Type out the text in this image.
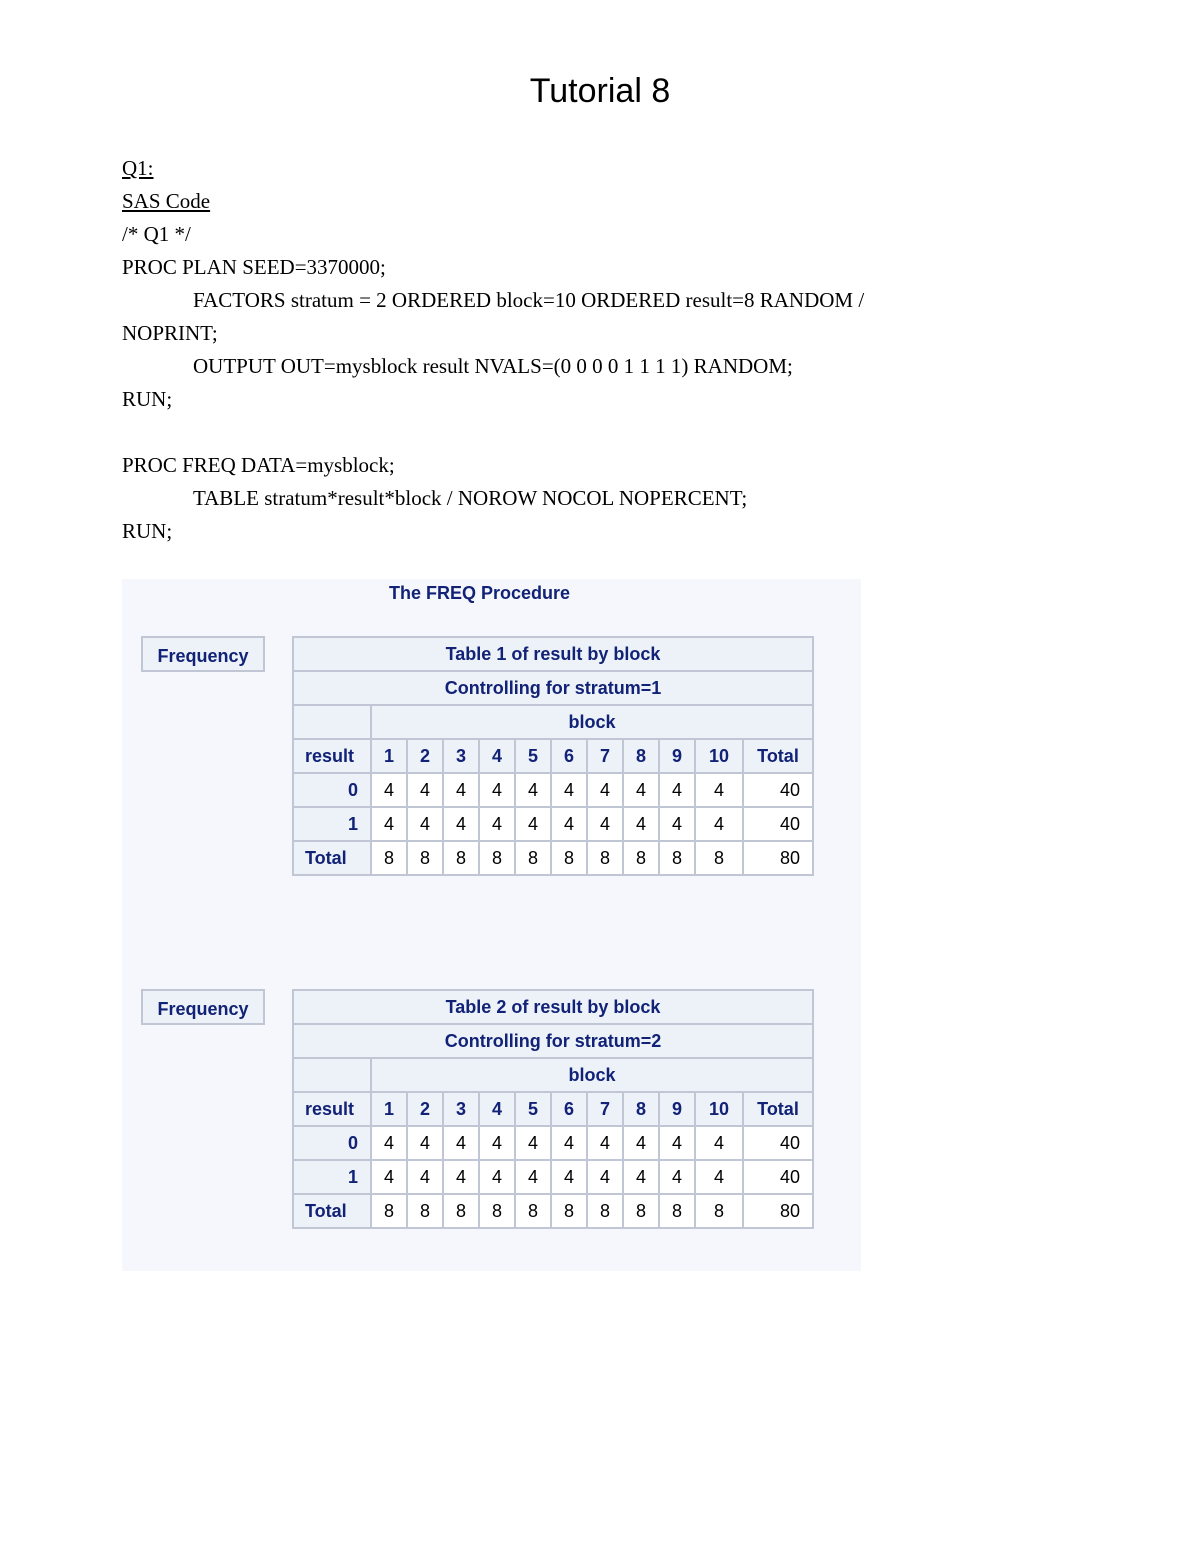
Tutorial 8
Q1:
SAS Code
/* Q1 */
PROC PLAN SEED=3370000;
FACTORS stratum = 2 ORDERED block=10 ORDERED result=8 RANDOM /
NOPRINT;
OUTPUT OUT=mysblock result NVALS=(0 0 0 0 1 1 1 1) RANDOM;
RUN;
PROC FREQ DATA=mysblock;
TABLE stratum*result*block / NOROW NOCOL NOPERCENT;
RUN;
The FREQ Procedure
Frequency	Table 1 of result by block											
Controlling for stratum=1											
	block										
result	1	2	3	4	5	6	7	8	9	10	Total
0	4	4	4	4	4	4	4	4	4	4	40
1	4	4	4	4	4	4	4	4	4	4	40
Total	8	8	8	8	8	8	8	8	8	8	80
Frequency	Table 2 of result by block											
Controlling for stratum=2											
	block										
result	1	2	3	4	5	6	7	8	9	10	Total
0	4	4	4	4	4	4	4	4	4	4	40
1	4	4	4	4	4	4	4	4	4	4	40
Total	8	8	8	8	8	8	8	8	8	8	80
